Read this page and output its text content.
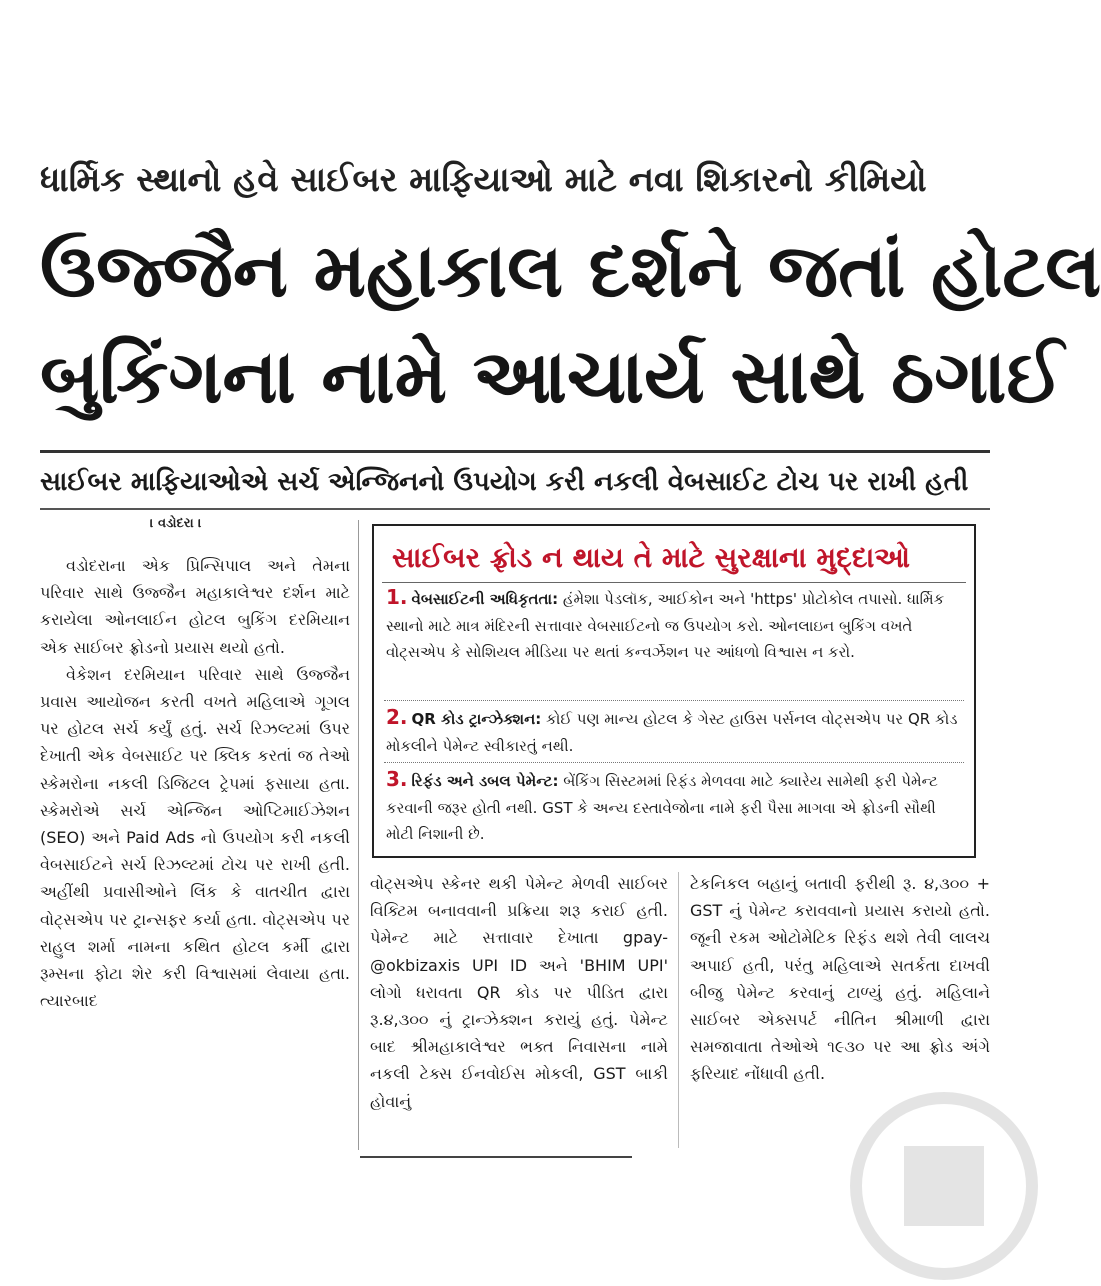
ધાર્મિક સ્થાનો હવે સાઈબર માફિયાઓ માટે નવા શિકારનો કીમિયો
ઉજ્જૈન મહાકાલ દર્શને જતાં હોટલ
બુકિંગના નામે આચાર્ય સાથે ઠગાઈ
સાઈબર માફિયાઓએ સર્ચ એન્જિનનો ઉપયોગ કરી નકલી વેબસાઈટ ટોચ પર રાખી હતી
। વડોદરા ।

વડોદરાના એક પ્રિન્સિપાલ અને તેમના પરિવાર સાથે ઉજ્જૈન મહાકાલેશ્વર દર્શન માટે કરાયેલા ઓનલાઈન હોટલ બુકિંગ દરમિયાન એક સાઈબર ફ્રોડનો પ્રયાસ થયો હતો.

વેકેશન દરમિયાન પરિવાર સાથે ઉજ્જૈન પ્રવાસ આયોજન કરતી વખતે મહિલાએ ગૂગલ પર હોટલ સર્ચ કર્યું હતું. સર્ચ રિઝલ્ટમાં ઉપર દેખાતી એક વેબસાઈટ પર ક્લિક કરતાં જ તેઓ સ્કેમરોના નકલી ડિજિટલ ટ્રેપમાં ફસાયા હતા. સ્કેમરોએ સર્ચ એન્જિન ઓપ્ટિમાઈઝેશન (SEO) અને Paid Ads નો ઉપયોગ કરી નકલી વેબસાઈટને સર્ચ રિઝલ્ટમાં ટોચ પર રાખી હતી. અહીંથી પ્રવાસીઓને લિંક કે વાતચીત દ્વારા વોટ્સએપ પર ટ્રાન્સફર કર્યા હતા. વોટ્સએપ પર રાહુલ શર્મા નામના કથિત હોટલ કર્મી દ્વારા રૂમ્સના ફોટા શેર કરી વિશ્વાસમાં લેવાયા હતા. ત્યારબાદ

સાઈબર ફ્રોડ ન થાય તે માટે સુરક્ષાના મુદ્દાઓ
1. વેબસાઈટની અધિકૃતતા: હંમેશા પેડલૉક, આઈકોન અને 'https' પ્રોટોકોલ તપાસો. ધાર્મિક સ્થાનો માટે માત્ર મંદિરની સત્તાવાર વેબસાઈટનો જ ઉપયોગ કરો. ઓનલાઇન બુકિંગ વખતે વોટ્સએપ કે સોશિયલ મીડિયા પર થતાં કન્વર્ઝેશન પર આંધળો વિશ્વાસ ન કરો.
2. QR કોડ ટ્રાન્ઝેક્શન: કોઈ પણ માન્ય હોટલ કે ગેસ્ટ હાઉસ પર્સનલ વોટ્સએપ પર QR કોડ મોકલીને પેમેન્ટ સ્વીકારતું નથી.
3. રિફંડ અને ડબલ પેમેન્ટ: બેંકિંગ સિસ્ટમમાં રિફંડ મેળવવા માટે ક્યારેય સામેથી ફરી પેમેન્ટ કરવાની જરૂર હોતી નથી. GST કે અન્ય દસ્તાવેજોના નામે ફરી પૈસા માગવા એ ફ્રોડની સૌથી મોટી નિશાની છે.

વોટ્સએપ સ્કેનર થકી પેમેન્ટ મેળવી સાઈબર વિક્ટિમ બનાવવાની પ્રક્રિયા શરૂ કરાઈ હતી. પેમેન્ટ માટે સત્તાવાર દેખાતા gpay-@okbizaxis UPI ID અને 'BHIM UPI' લોગો ધરાવતા QR કોડ પર પીડિત દ્વારા રૂ.૪,૩૦૦ નું ટ્રાન્ઝેક્શન કરાયું હતું. પેમેન્ટ બાદ શ્રીમહાકાલેશ્વર ભક્ત નિવાસના નામે નકલી ટેક્સ ઈનવોઈસ મોકલી, GST બાકી હોવાનું

ટેકનિકલ બહાનું બતાવી ફરીથી રૂ. ૪,૩૦૦ + GST નું પેમેન્ટ કરાવવાનો પ્રયાસ કરાયો હતો. જૂની રકમ ઓટોમેટિક રિફંડ થશે તેવી લાલચ અપાઈ હતી, પરંતુ મહિલાએ સતર્કતા દાખવી બીજુ પેમેન્ટ કરવાનું ટાળ્યું હતું. મહિલાને સાઈબર એક્સપર્ટ નીતિન શ્રીમાળી દ્વારા સમજાવાતા તેઓએ ૧૯૩૦ પર આ ફ્રોડ અંગે ફરિયાદ નોંધાવી હતી.
